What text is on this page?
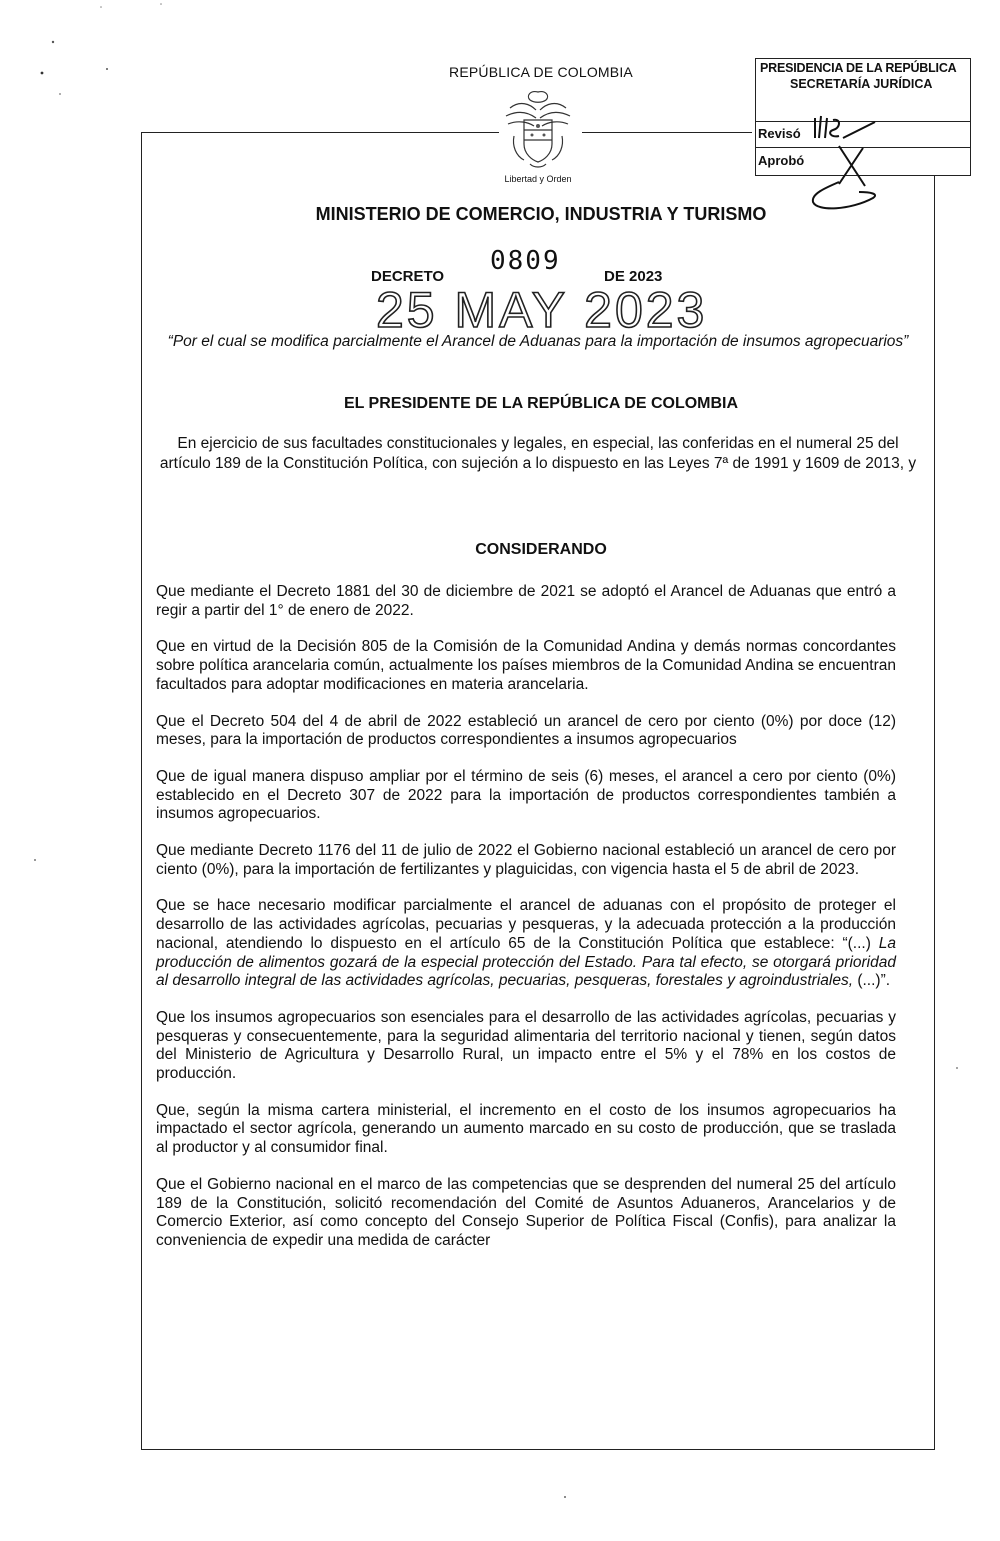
REPÚBLICA DE COLOMBIA
Libertad y Orden
PRESIDENCIA DE LA REPÚBLICA
SECRETARÍA JURÍDICA
Revisó
Aprobó
MINISTERIO DE COMERCIO, INDUSTRIA Y TURISMO
0809
DECRETO	DE 2023
25 MAY 2023
“Por el cual se modifica parcialmente el Arancel de Aduanas para la importación de insumos agropecuarios”
EL PRESIDENTE DE LA REPÚBLICA DE COLOMBIA
En ejercicio de sus facultades constitucionales y legales, en especial, las conferidas en el numeral 25 del artículo 189 de la Constitución Política, con sujeción a lo dispuesto en las Leyes 7ª de 1991 y 1609 de 2013, y
CONSIDERANDO

Que mediante el Decreto 1881 del 30 de diciembre de 2021 se adoptó el Arancel de Aduanas que entró a regir a partir del 1° de enero de 2022.

Que en virtud de la Decisión 805 de la Comisión de la Comunidad Andina y demás normas concordantes sobre política arancelaria común, actualmente los países miembros de la Comunidad Andina se encuentran facultados para adoptar modificaciones en materia arancelaria.

Que el Decreto 504 del 4 de abril de 2022 estableció un arancel de cero por ciento (0%) por doce (12) meses, para la importación de productos correspondientes a insumos agropecuarios

Que de igual manera dispuso ampliar por el término de seis (6) meses, el arancel a cero por ciento (0%) establecido en el Decreto 307 de 2022 para la importación de productos correspondientes también a insumos agropecuarios.

Que mediante Decreto 1176 del 11 de julio de 2022 el Gobierno nacional estableció un arancel de cero por ciento (0%), para la importación de fertilizantes y plaguicidas, con vigencia hasta el 5 de abril de 2023.

Que se hace necesario modificar parcialmente el arancel de aduanas con el propósito de proteger el desarrollo de las actividades agrícolas, pecuarias y pesqueras, y la adecuada protección a la producción nacional, atendiendo lo dispuesto en el artículo 65 de la Constitución Política que establece: “(...) La producción de alimentos gozará de la especial protección del Estado. Para tal efecto, se otorgará prioridad al desarrollo integral de las actividades agrícolas, pecuarias, pesqueras, forestales y agroindustriales, (...)”.

Que los insumos agropecuarios son esenciales para el desarrollo de las actividades agrícolas, pecuarias y pesqueras y consecuentemente, para la seguridad alimentaria del territorio nacional y tienen, según datos del Ministerio de Agricultura y Desarrollo Rural, un impacto entre el 5% y el 78% en los costos de producción.

Que, según la misma cartera ministerial, el incremento en el costo de los insumos agropecuarios ha impactado el sector agrícola, generando un aumento marcado en su costo de producción, que se traslada al productor y al consumidor final.

Que el Gobierno nacional en el marco de las competencias que se desprenden del numeral 25 del artículo 189 de la Constitución, solicitó recomendación del Comité de Asuntos Aduaneros, Arancelarios y de Comercio Exterior, así como concepto del Consejo Superior de Política Fiscal (Confis), para analizar la conveniencia de expedir una medida de carácter
